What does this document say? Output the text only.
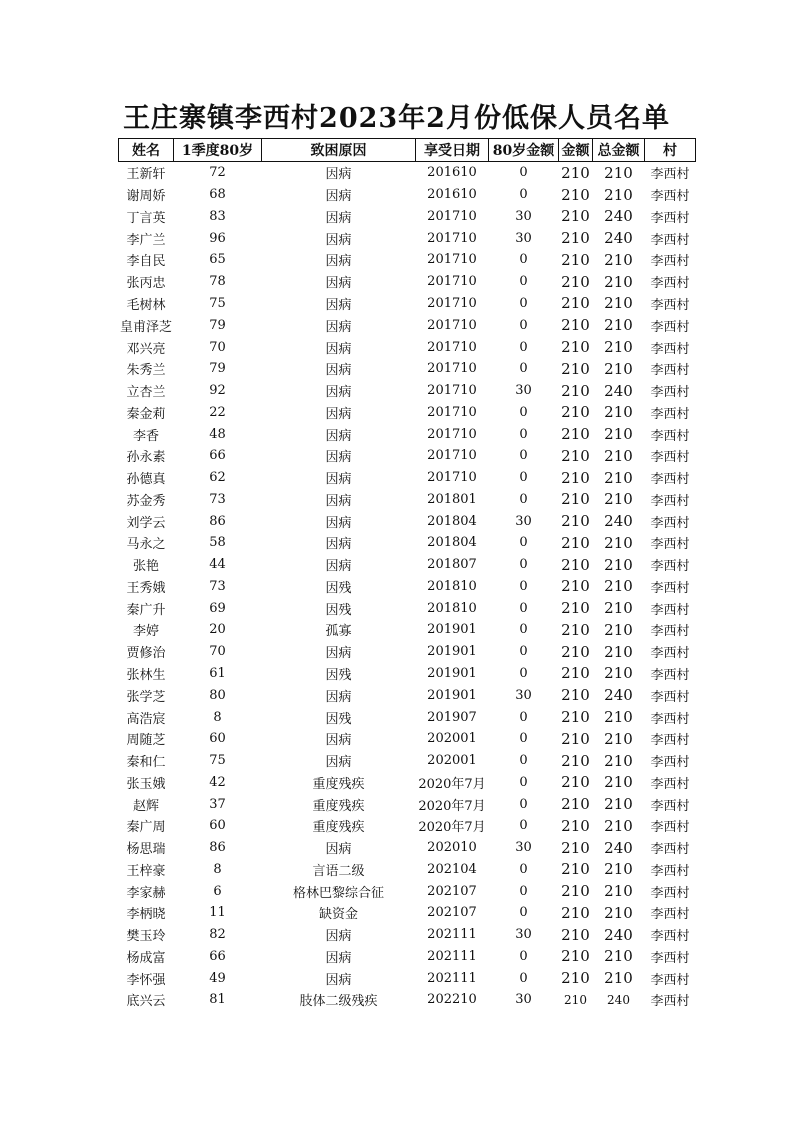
王庄寨镇李西村2023年2月份低保人员名单
姓名	1季度80岁	致困原因	享受日期	80岁金额	金额	总金额	村
王新轩	72	因病	201610	0	210	210	李西村
谢周娇	68	因病	201610	0	210	210	李西村
丁言英	83	因病	201710	30	210	240	李西村
李广兰	96	因病	201710	30	210	240	李西村
李自民	65	因病	201710	0	210	210	李西村
张丙忠	78	因病	201710	0	210	210	李西村
毛树林	75	因病	201710	0	210	210	李西村
皇甫泽芝	79	因病	201710	0	210	210	李西村
邓兴亮	70	因病	201710	0	210	210	李西村
朱秀兰	79	因病	201710	0	210	210	李西村
立杏兰	92	因病	201710	30	210	240	李西村
秦金莉	22	因病	201710	0	210	210	李西村
李香	48	因病	201710	0	210	210	李西村
孙永素	66	因病	201710	0	210	210	李西村
孙德真	62	因病	201710	0	210	210	李西村
苏金秀	73	因病	201801	0	210	210	李西村
刘学云	86	因病	201804	30	210	240	李西村
马永之	58	因病	201804	0	210	210	李西村
张艳	44	因病	201807	0	210	210	李西村
王秀娥	73	因残	201810	0	210	210	李西村
秦广升	69	因残	201810	0	210	210	李西村
李婷	20	孤寡	201901	0	210	210	李西村
贾修治	70	因病	201901	0	210	210	李西村
张林生	61	因残	201901	0	210	210	李西村
张学芝	80	因病	201901	30	210	240	李西村
高浩宸	8	因残	201907	0	210	210	李西村
周随芝	60	因病	202001	0	210	210	李西村
秦和仁	75	因病	202001	0	210	210	李西村
张玉娥	42	重度残疾	2020年7月	0	210	210	李西村
赵辉	37	重度残疾	2020年7月	0	210	210	李西村
秦广周	60	重度残疾	2020年7月	0	210	210	李西村
杨思瑞	86	因病	202010	30	210	240	李西村
王梓豪	8	言语二级	202104	0	210	210	李西村
李家赫	6	格林巴黎综合征	202107	0	210	210	李西村
李柄晓	11	缺资金	202107	0	210	210	李西村
樊玉玲	82	因病	202111	30	210	240	李西村
杨成富	66	因病	202111	0	210	210	李西村
李怀强	49	因病	202111	0	210	210	李西村
底兴云	81	肢体二级残疾	202210	30	210	240	李西村
